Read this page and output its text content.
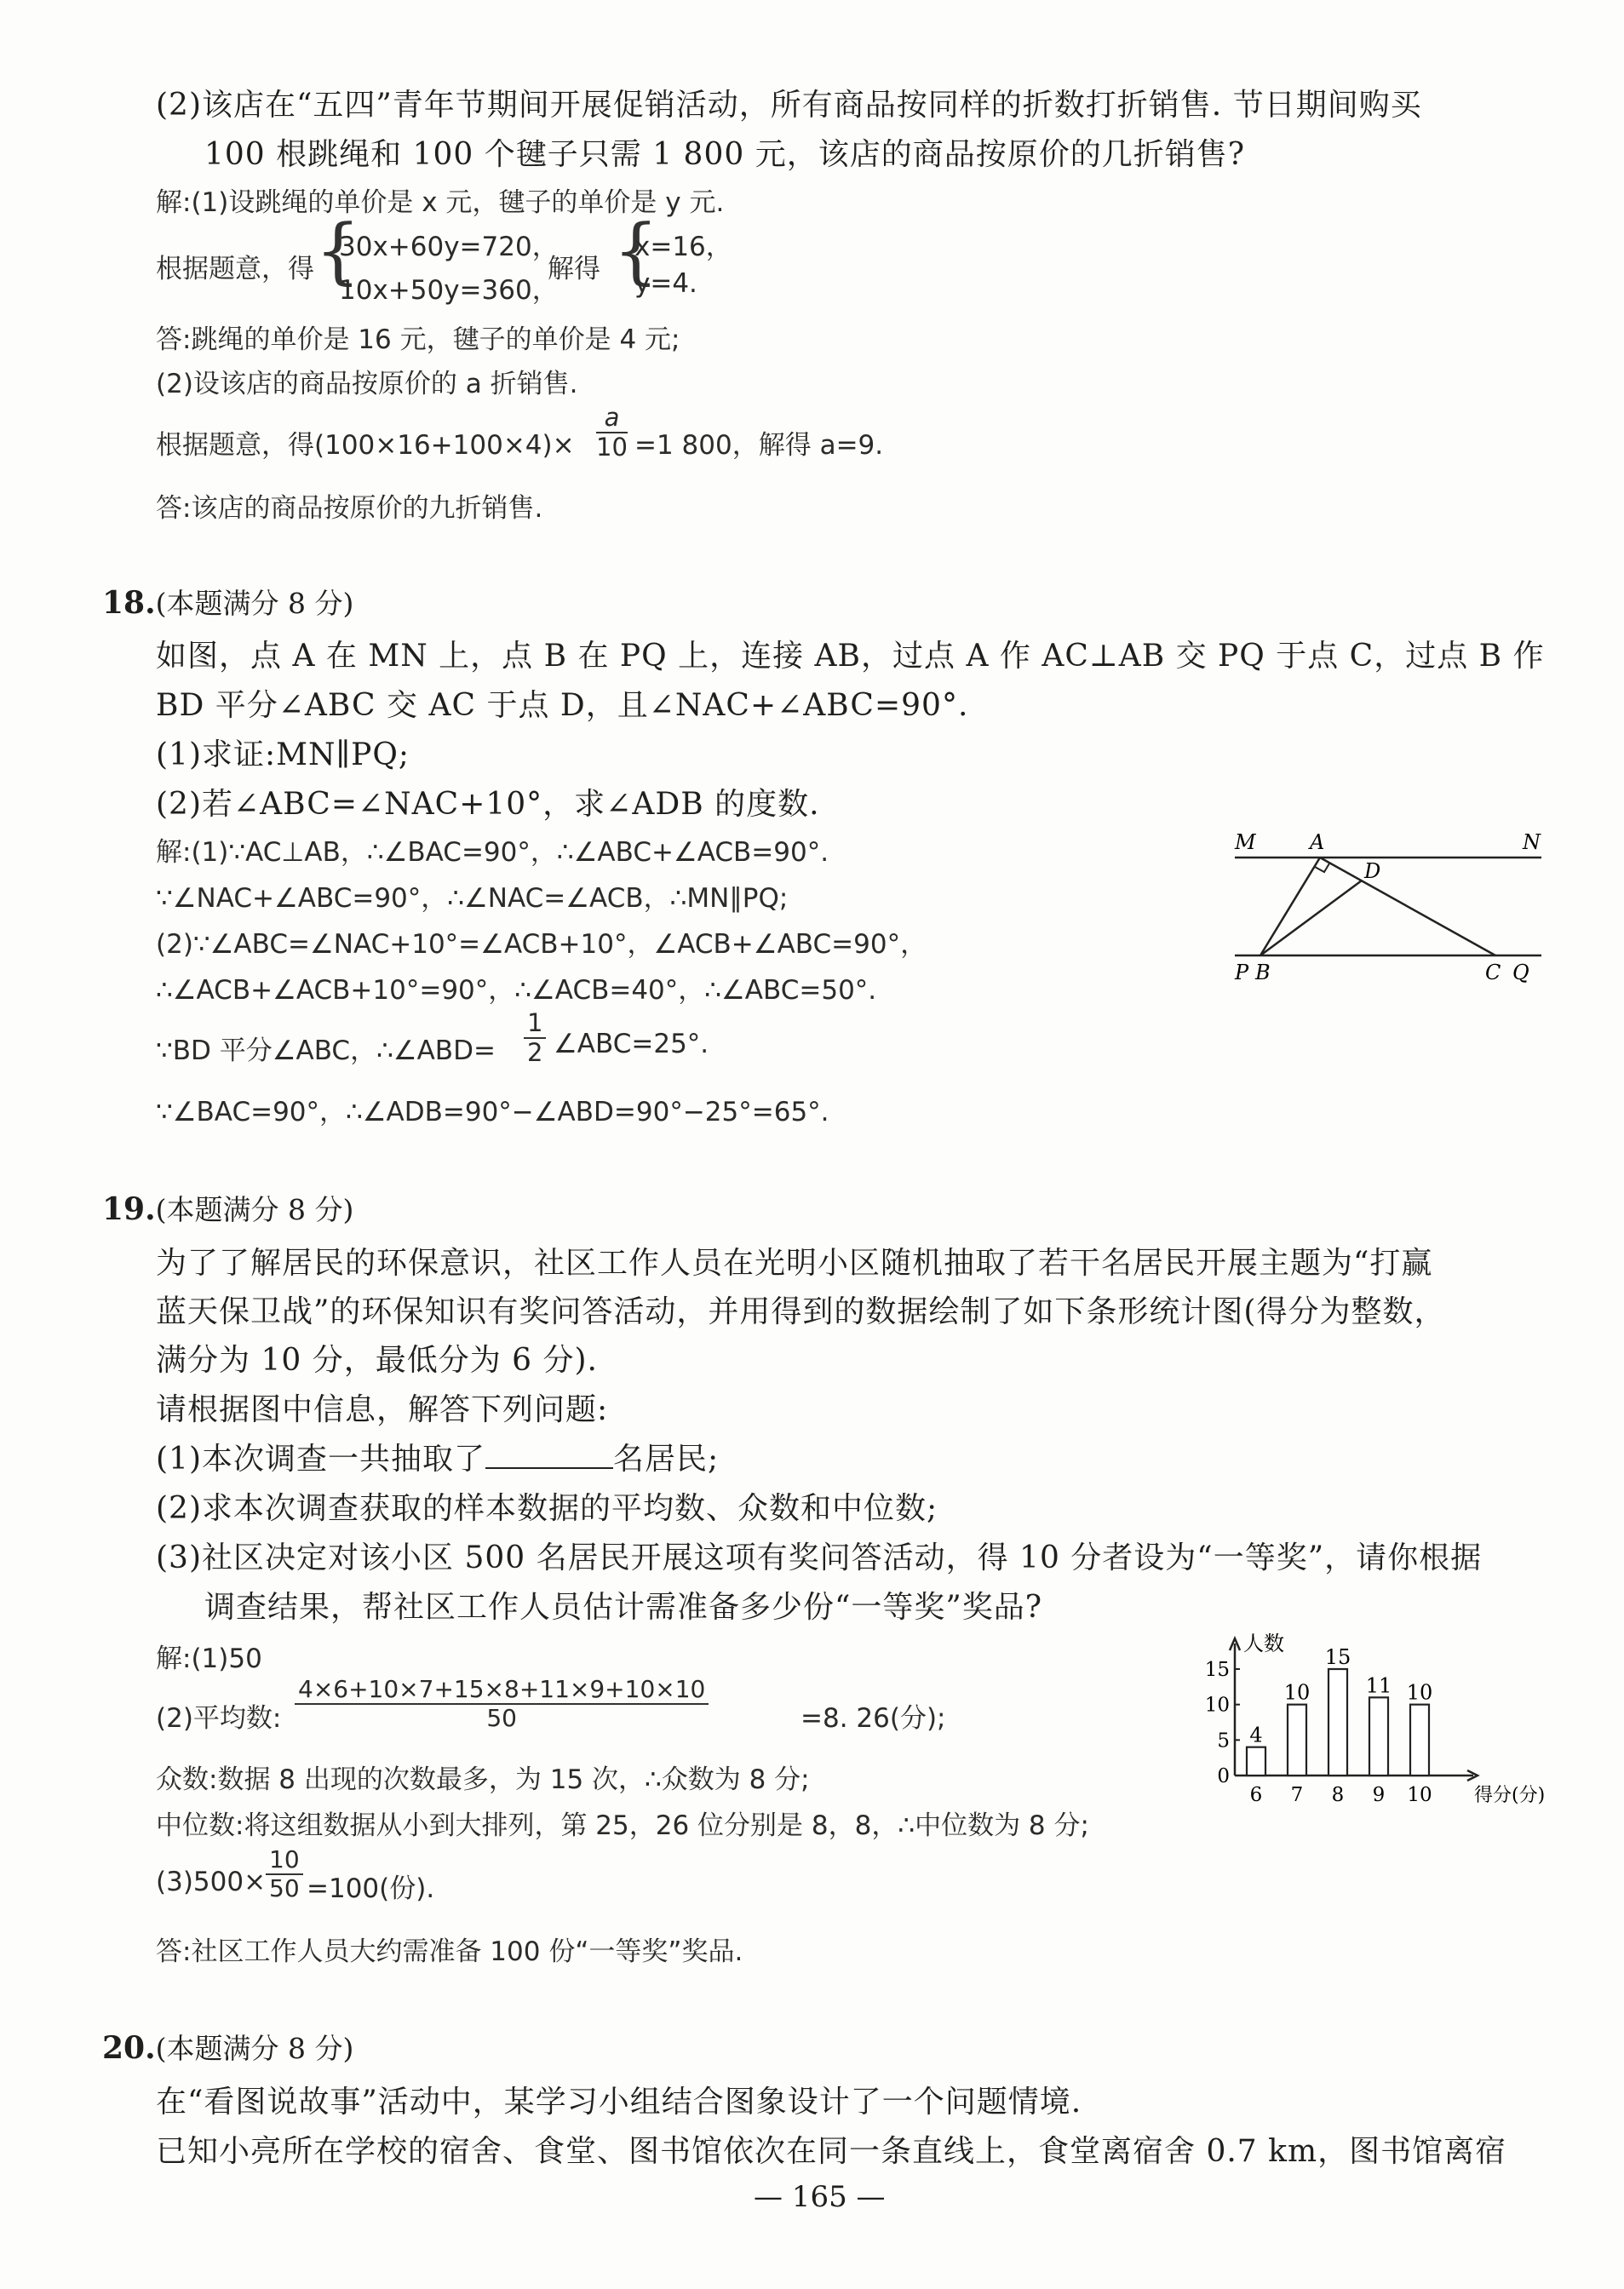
(2)该店在“五四”青年节期间开展促销活动，所有商品按同样的折数打折销售. 节日期间购买
100 根跳绳和 100 个毽子只需 1 800 元，该店的商品按原价的几折销售?
解:(1)设跳绳的单价是 x 元，毽子的单价是 y 元.
根据题意，得 {
30x+60y=720，
10x+50y=360，
解得 {
x=16，
y=4.
答:跳绳的单价是 16 元，毽子的单价是 4 元;
(2)设该店的商品按原价的 a 折销售.
根据题意，得$(100\times 16+100\times 4)\times \frac{a}{10} =1$ 800，解得 a=9.
答:该店的商品按原价的九折销售.
18.(本题满分 8 分)
如图，点 A 在 MN 上，点 B 在 PQ 上，连接 AB，过点 A 作 AC⊥AB 交 PQ 于点 C，过点 B 作
BD 平分∠ABC 交 AC 于点 D，且∠NAC+∠ABC=90°.
(1)求证:MN∥PQ;
(2)若∠ABC=∠NAC+10°，求∠ADB 的度数.
解:(1)∵AC⊥AB，∴∠BAC=90°，∴∠ABC+∠ACB=90°.
∵∠NAC+∠ABC=90°，∴∠NAC=∠ACB，∴MN∥PQ;
(2)∵∠ABC=∠NAC+10°=∠ACB+10°，∠ACB+∠ABC=90°，
∴∠ACB+∠ACB+10°=90°，∴∠ACB=40°，∴∠ABC=50°.
∵BD 平分∠ABC，∴∠ABD= $\frac{1}{2}$ ∠ABC=25°.
∵∠BAC=90°，∴∠ADB=90°−∠ABD=90°−25°=65°.
M	A	N
D
P B	C Q
19.(本题满分 8 分)
为了了解居民的环保意识，社区工作人员在光明小区随机抽取了若干名居民开展主题为“打赢
蓝天保卫战”的环保知识有奖问答活动，并用得到的数据绘制了如下条形统计图(得分为整数，
满分为 10 分，最低分为 6 分).
请根据图中信息，解答下列问题:
(1)本次调查一共抽取了	名居民;
(2)求本次调查获取的样本数据的平均数、众数和中位数;
(3)社区决定对该小区 500 名居民开展这项有奖问答活动，得 10 分者设为“一等奖”，请你根据
调查结果，帮社区工作人员估计需准备多少份“一等奖”奖品?
解:(1)50
(2)平均数: $\frac{4\times 6+10\times 7+15\times 8+11\times 9+10\times 10}{50}$	=8. 26(分);
众数:数据 8 出现的次数最多，为 15 次，∴众数为 8 分;
中位数:将这组数据从小到大排列，第 25，26 位分别是 8，8，∴中位数为 8 分;
$(3)500\times \frac{10}{50} =100$(份).
答:社区工作人员大约需准备 100 份“一等奖”奖品.
人数
得分(分)
0
5
10
15
4
6
10
7
15
8
11
9
10
10
20.(本题满分 8 分)
在“看图说故事”活动中，某学习小组结合图象设计了一个问题情境.
已知小亮所在学校的宿舍、食堂、图书馆依次在同一条直线上，食堂离宿舍 0.7 km，图书馆离宿
— 165 —
